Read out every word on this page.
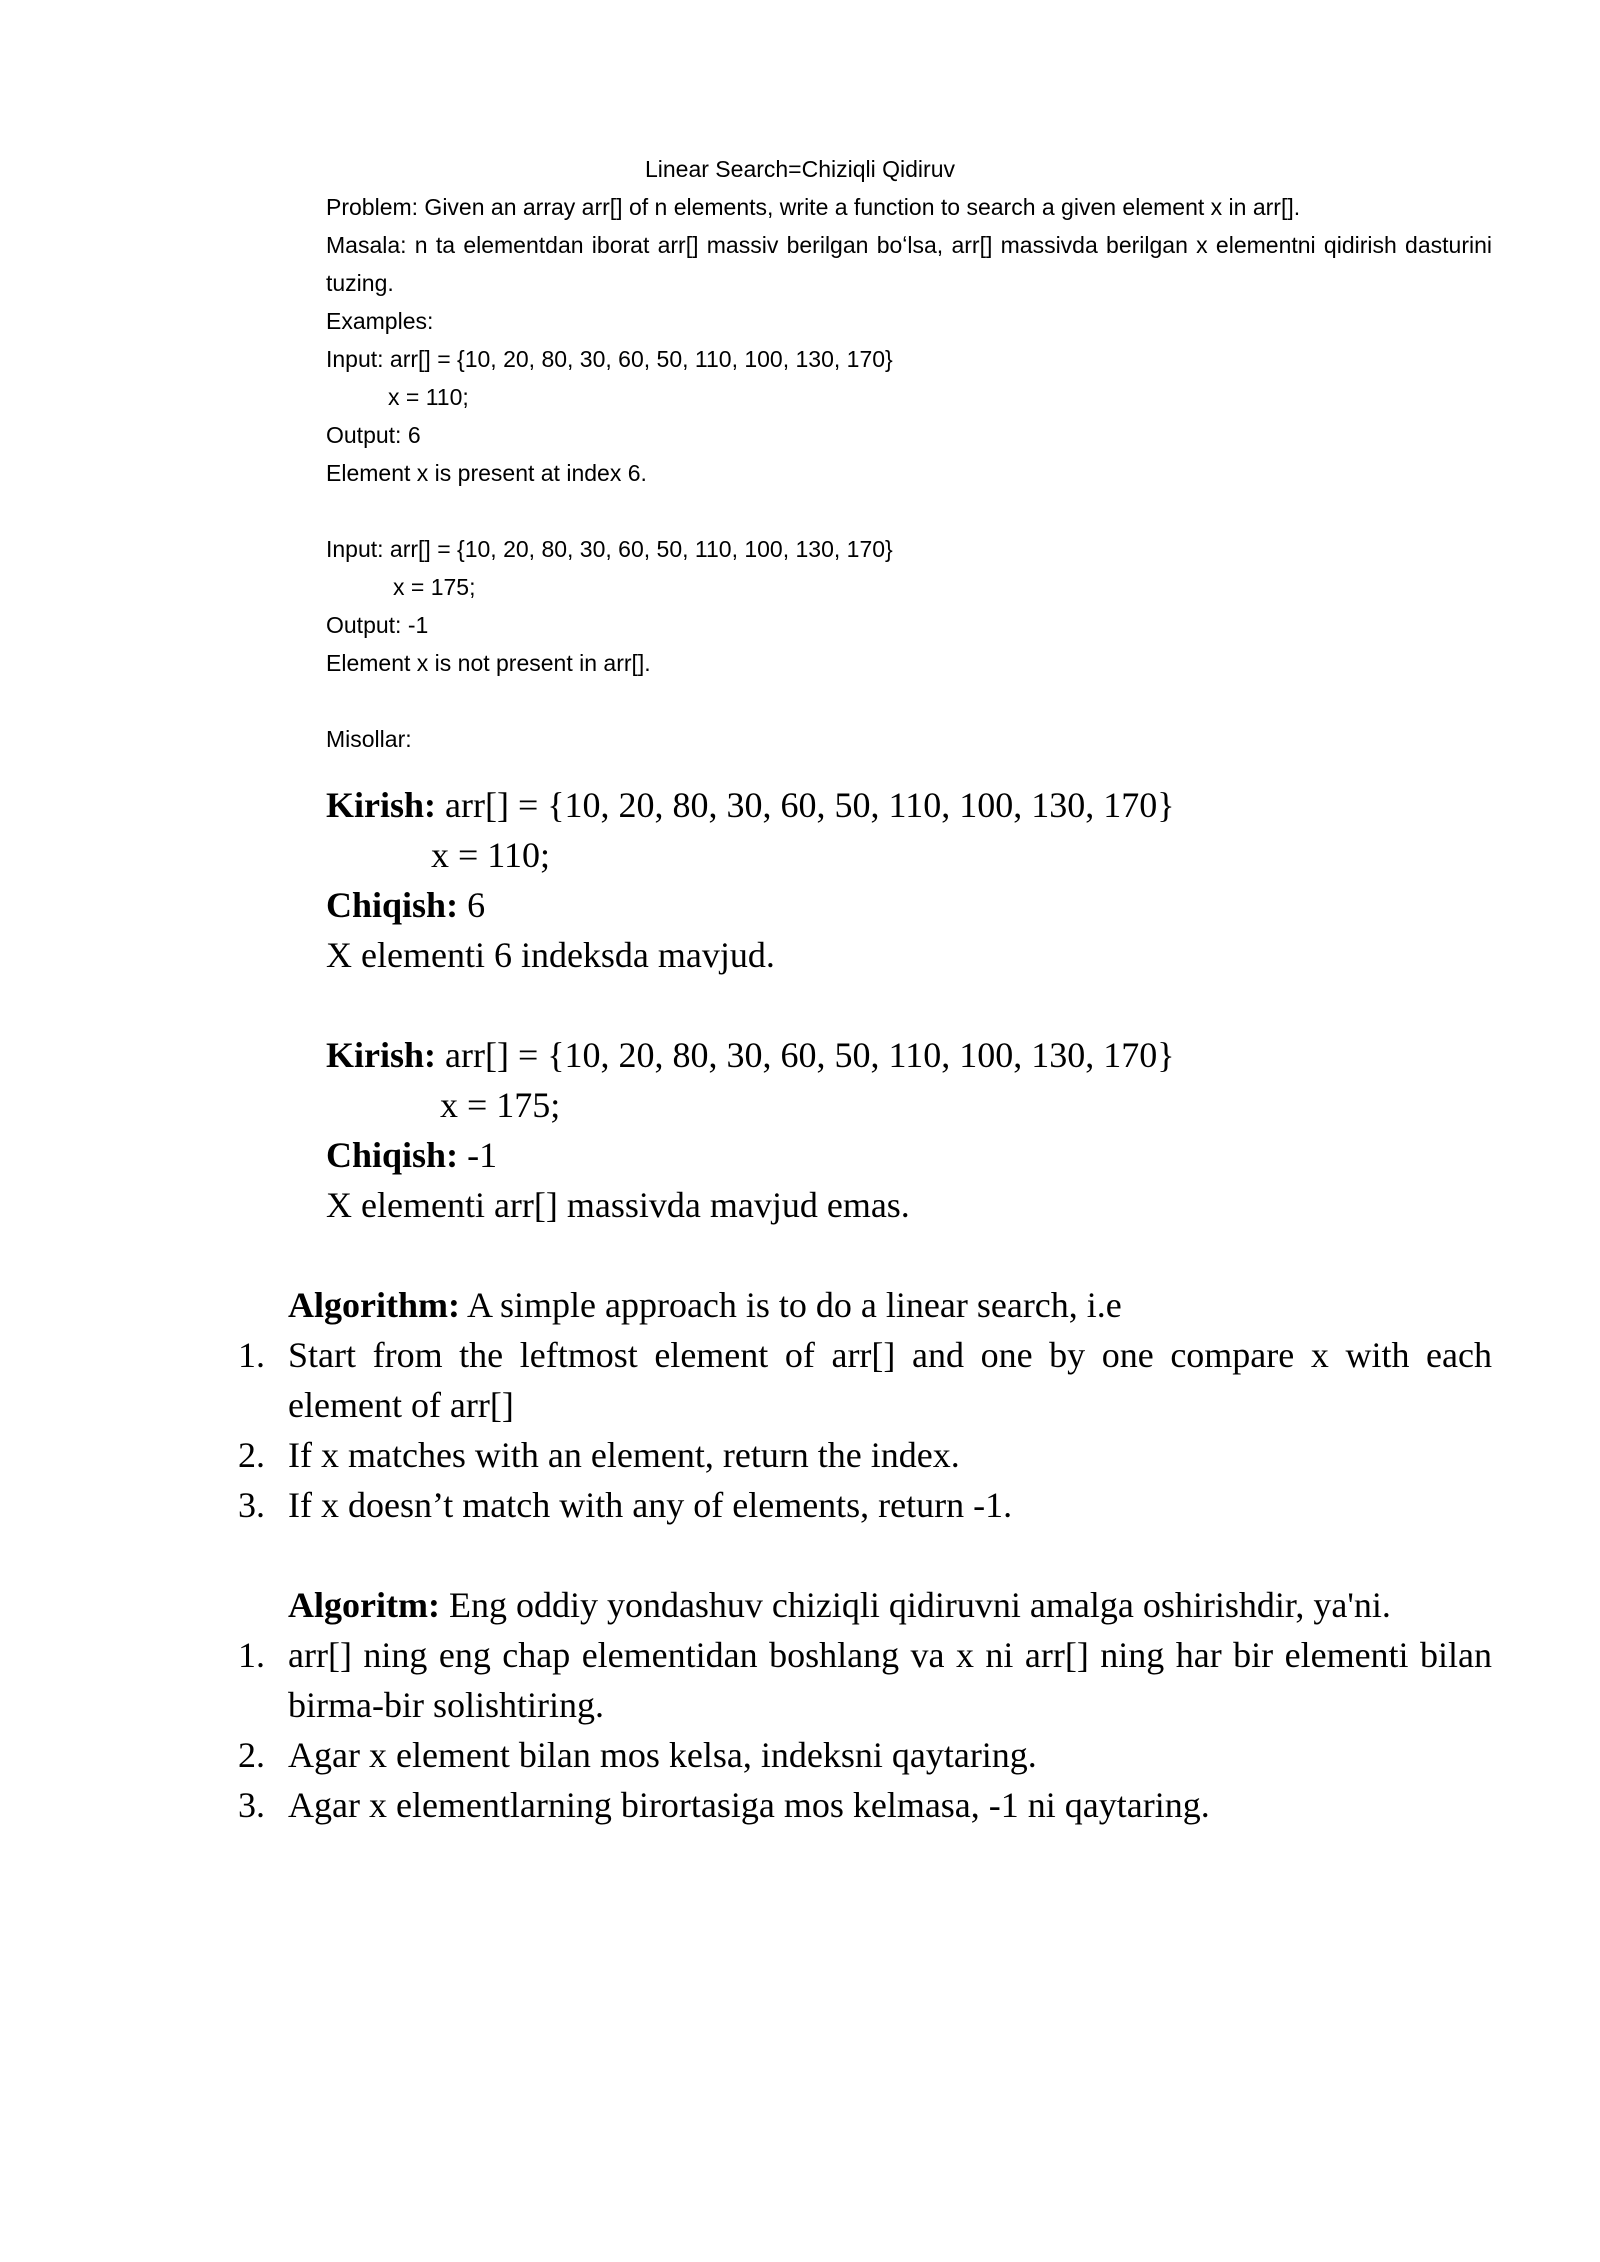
Linear Search=Chiziqli Qidiruv

Problem: Given an array arr[] of n elements, write a function to search a given element x in arr[].

Masala: n ta elementdan iborat arr[] massiv berilgan boʻlsa, arr[] massivda berilgan x elementni qidirish dasturini tuzing.

Examples:

Input: arr[] = {10, 20, 80, 30, 60, 50, 110, 100, 130, 170}

x = 110;

Output: 6

Element x is present at index 6.

Input: arr[] = {10, 20, 80, 30, 60, 50, 110, 100, 130, 170}

x = 175;

Output: -1

Element x is not present in arr[].

Misollar:

Kirish: arr[] = {10, 20, 80, 30, 60, 50, 110, 100, 130, 170}

x = 110;

Chiqish: 6

X elementi 6 indeksda mavjud.

Kirish: arr[] = {10, 20, 80, 30, 60, 50, 110, 100, 130, 170}

x = 175;

Chiqish: -1

X elementi arr[] massivda mavjud emas.

Algorithm: A simple approach is to do a linear search, i.e

1. Start from the leftmost element of arr[] and one by one compare x with each element of arr[]
2. If x matches with an element, return the index.
3. If x doesn’t match with any of elements, return -1.

Algoritm: Eng oddiy yondashuv chiziqli qidiruvni amalga oshirishdir, ya'ni.

1. arr[] ning eng chap elementidan boshlang va x ni arr[] ning har bir elementi bilan birma-bir solishtiring.
2. Agar x element bilan mos kelsa, indeksni qaytaring.
3. Agar x elementlarning birortasiga mos kelmasa, -1 ni qaytaring.
